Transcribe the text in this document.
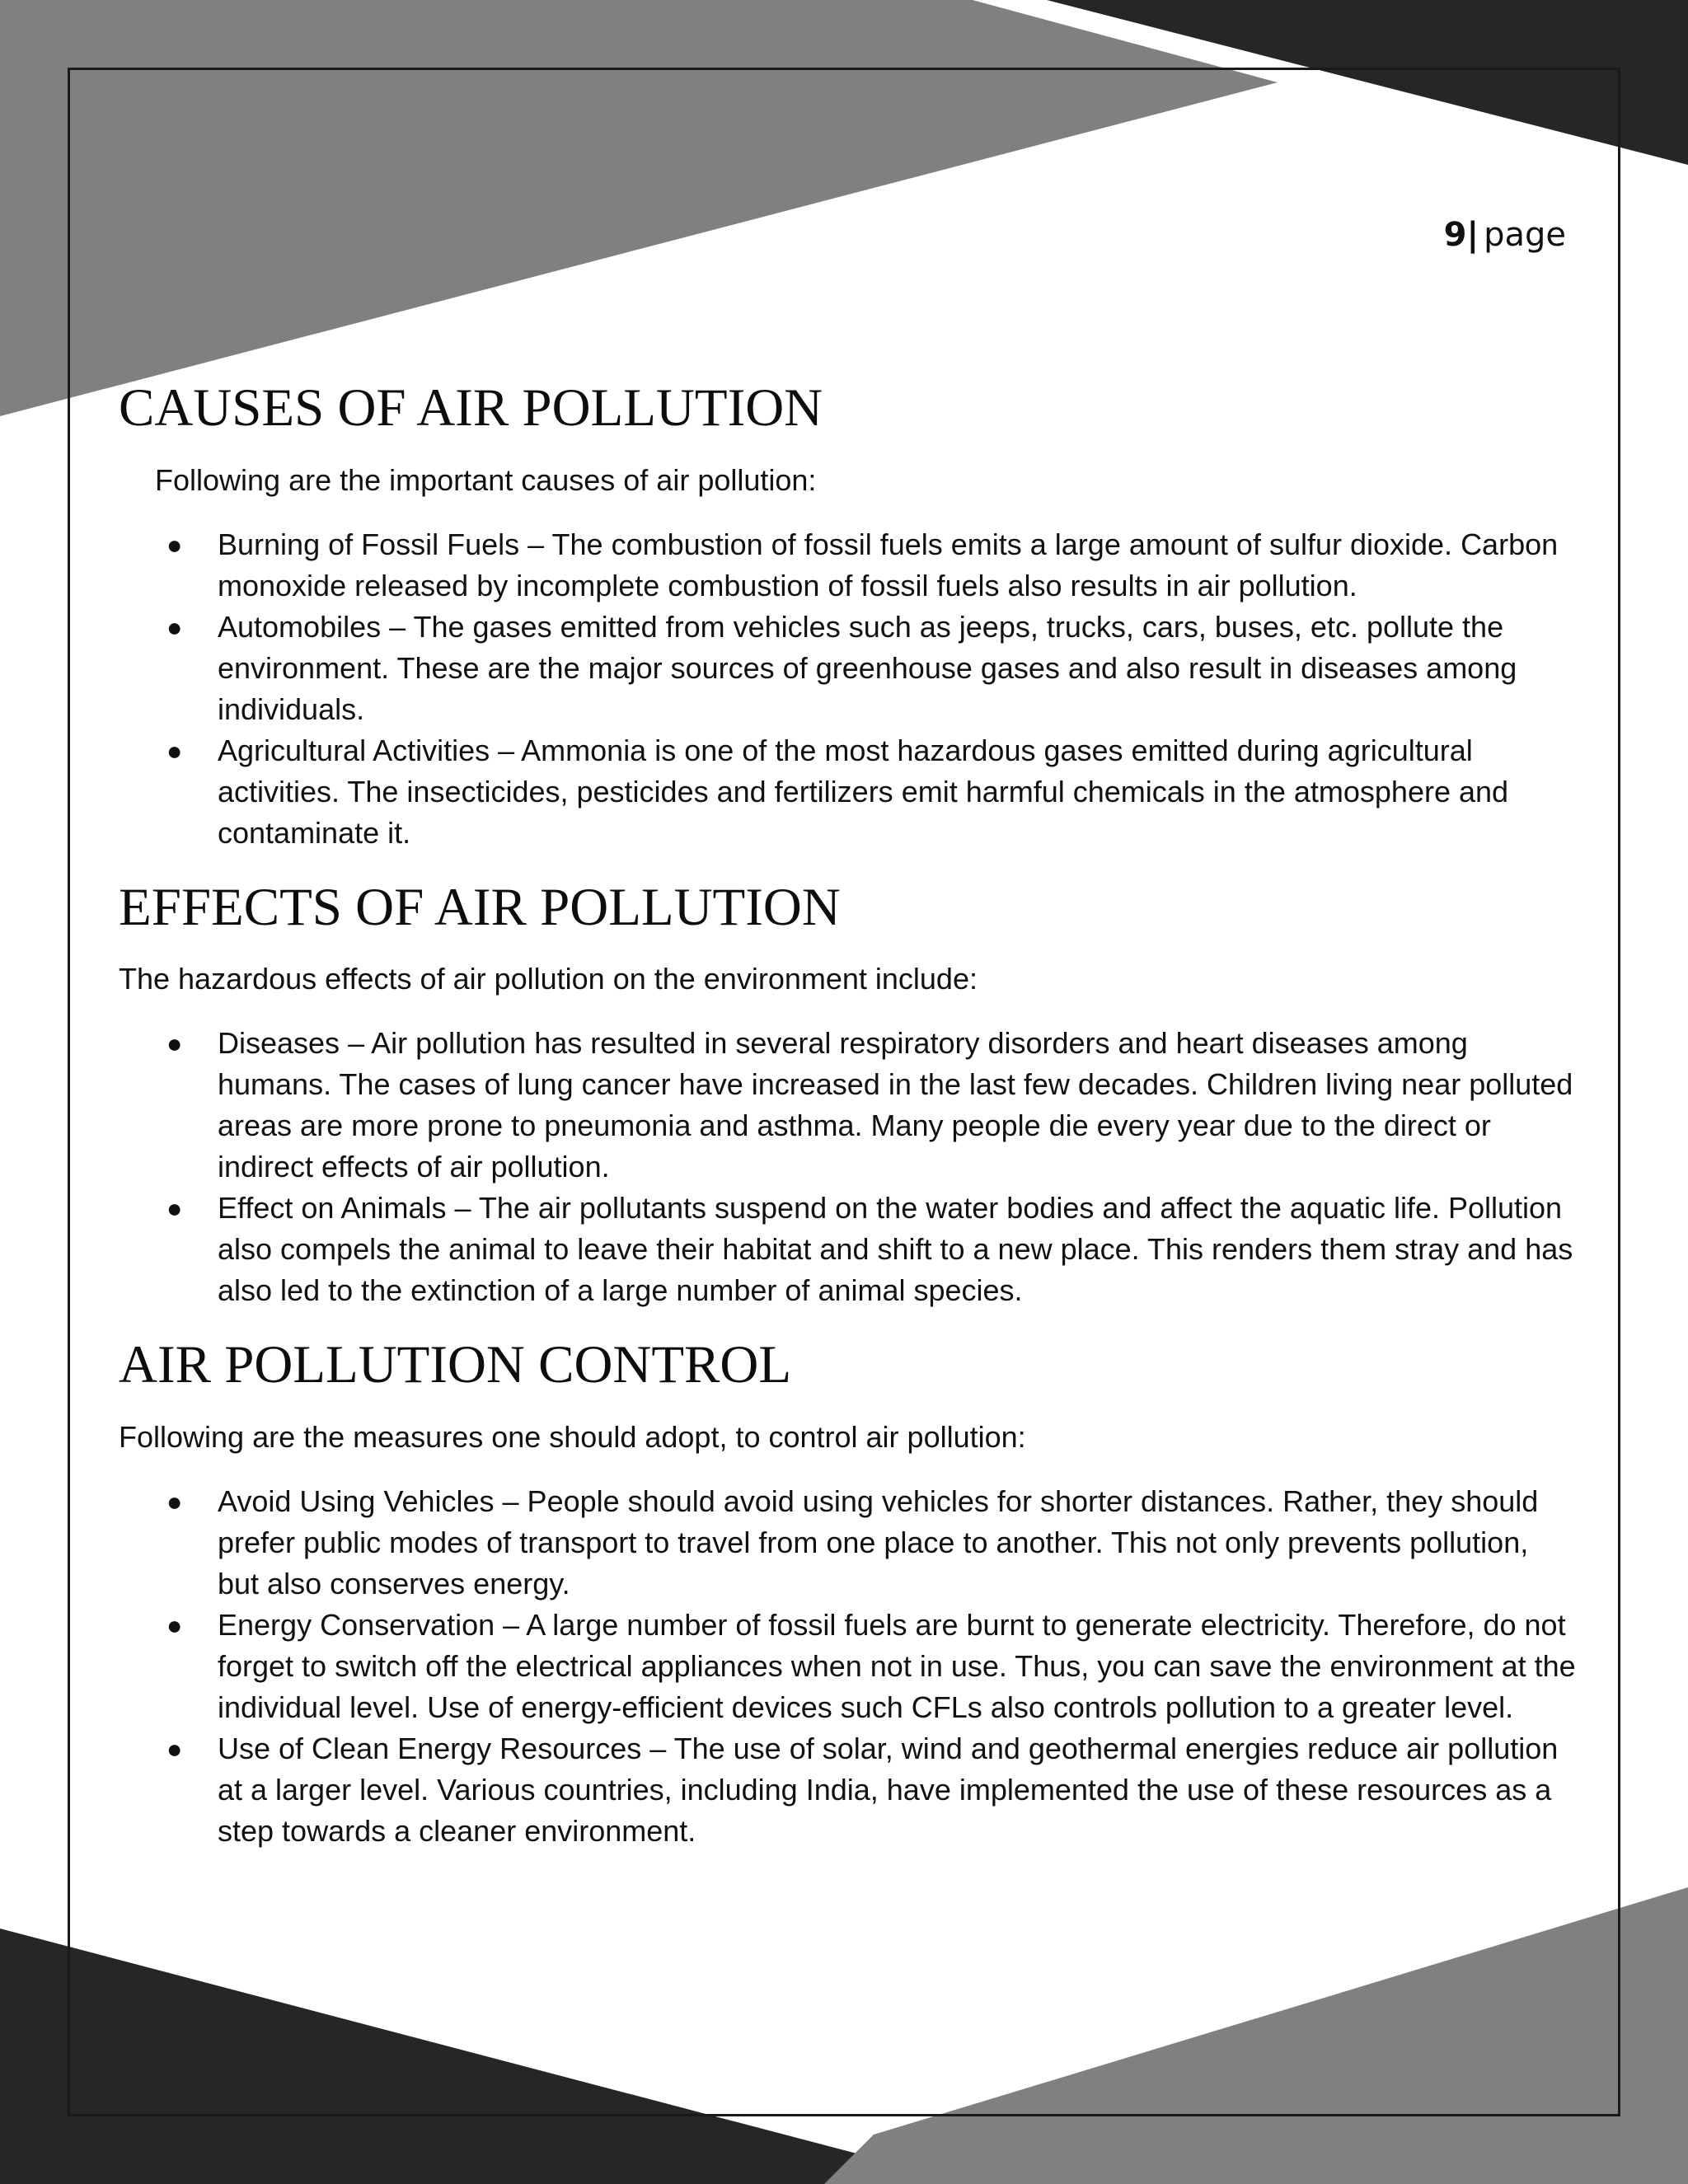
9| page

CAUSES OF AIR POLLUTION

Following are the important causes of air pollution:

● Burning of Fossil Fuels – The combustion of fossil fuels emits a large amount of sulfur dioxide. Carbon monoxide released by incomplete combustion of fossil fuels also results in air pollution.
● Automobiles – The gases emitted from vehicles such as jeeps, trucks, cars, buses, etc. pollute the environment. These are the major sources of greenhouse gases and also result in diseases among individuals.
● Agricultural Activities – Ammonia is one of the most hazardous gases emitted during agricultural activities. The insecticides, pesticides and fertilizers emit harmful chemicals in the atmosphere and contaminate it.
EFFECTS OF AIR POLLUTION

The hazardous effects of air pollution on the environment include:

● Diseases – Air pollution has resulted in several respiratory disorders and heart diseases among humans. The cases of lung cancer have increased in the last few decades. Children living near polluted areas are more prone to pneumonia and asthma. Many people die every year due to the direct or indirect effects of air pollution.
● Effect on Animals – The air pollutants suspend on the water bodies and affect the aquatic life. Pollution also compels the animal to leave their habitat and shift to a new place. This renders them stray and has also led to the extinction of a large number of animal species.
AIR POLLUTION CONTROL

Following are the measures one should adopt, to control air pollution:

● Avoid Using Vehicles – People should avoid using vehicles for shorter distances. Rather, they should prefer public modes of transport to travel from one place to another. This not only prevents pollution, but also conserves energy.
● Energy Conservation – A large number of fossil fuels are burnt to generate electricity. Therefore, do not forget to switch off the electrical appliances when not in use. Thus, you can save the environment at the individual level. Use of energy-efficient devices such CFLs also controls pollution to a greater level.
● Use of Clean Energy Resources – The use of solar, wind and geothermal energies reduce air pollution at a larger level. Various countries, including India, have implemented the use of these resources as a step towards a cleaner environment.
